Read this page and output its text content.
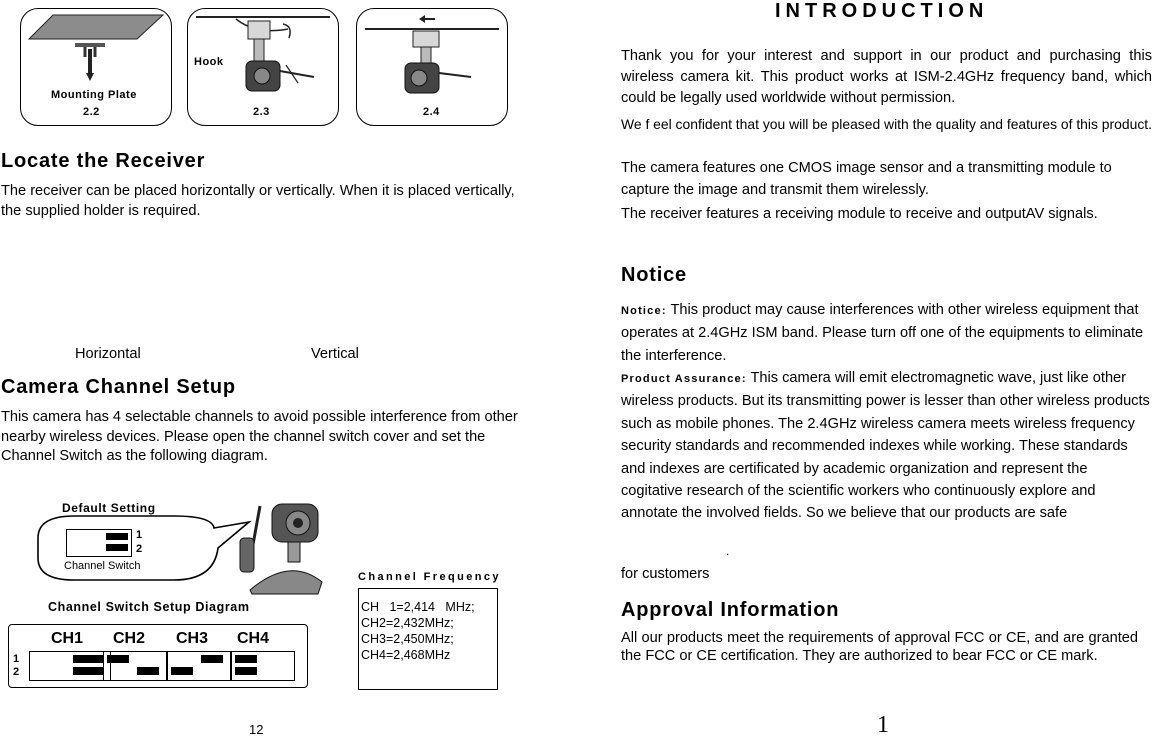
Mounting Plate
2.2
Hook
2.3	2.4
Locate the Receiver

The receiver can be placed horizontally or vertically. When it is placed vertically, the supplied holder is required.

Horizontal	Vertical
Camera Channel Setup

This camera has 4 selectable channels to avoid possible interference from other nearby wireless devices. Please open the channel switch cover and set the Channel Switch as the following diagram.

Default Setting
1
2
Channel Switch
Channel Switch Setup Diagram
1
2
CH1 CH2 CH3 CH4
Channel Frequency
CH   1=2,414   MHz;
CH2=2,432MHz;
CH3=2,450MHz;
CH4=2,468MHz
12
INTRODUCTION

Thank you for your interest and support in our product and purchasing this wireless camera kit. This product works at ISM-2.4GHz frequency band, which could be legally used worldwide without permission.

We f eel confident that you will be pleased with the quality and features of this product.

The camera features one CMOS image sensor and a transmitting module to capture the image and transmit them wirelessly.

The receiver features a receiving module to receive and outputAV signals.

Notice

Notice: This product may cause interferences with other wireless equipment that operates at 2.4GHz ISM band. Please turn off one of the equipments to eliminate the interference.

Product Assurance: This camera will emit electromagnetic wave, just like other wireless products. But its transmitting power is lesser than other wireless products such as mobile phones. The 2.4GHz wireless camera meets wireless frequency security standards and recommended indexes while working. These standards and indexes are certificated by academic organization and represent the cogitative research of the scientific workers who continuously explore and annotate the involved fields. So we believe that our products are safe

.
for customers
Approval Information

All our products meet the requirements of approval FCC or CE, and are granted the FCC or CE certification. They are authorized to bear FCC or CE mark.

1
